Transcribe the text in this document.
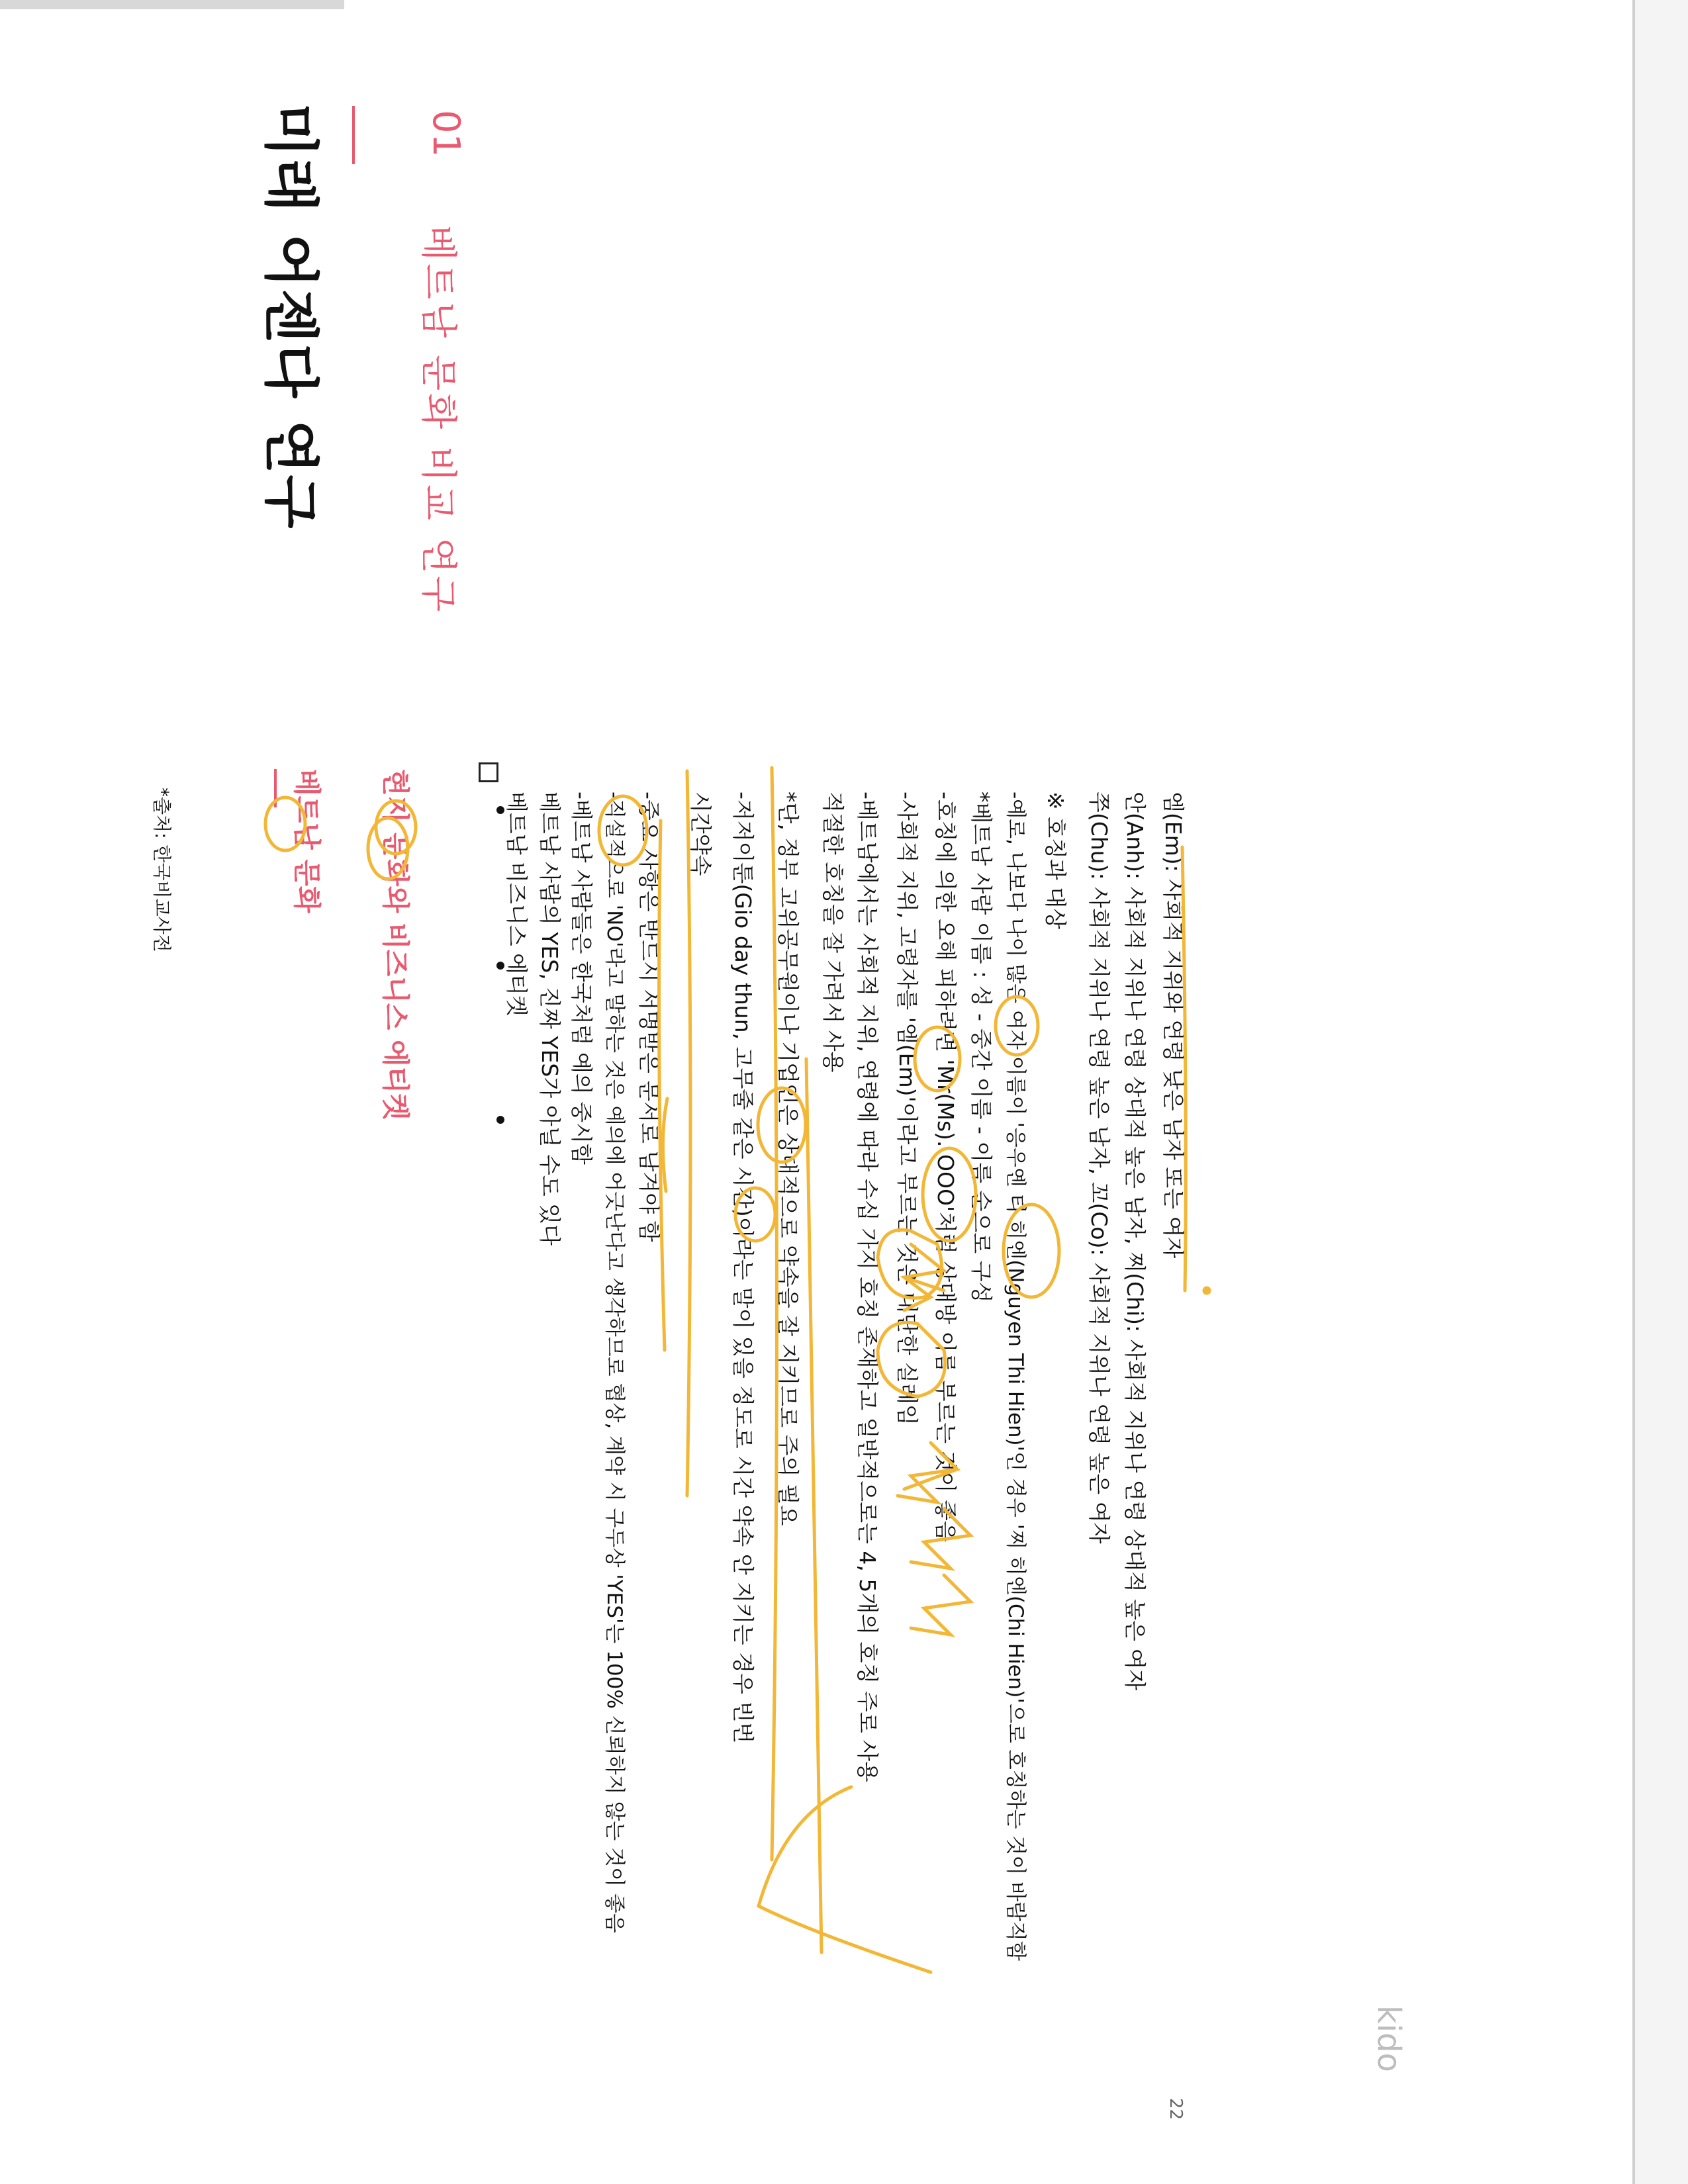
미래 어젠다 연구	01
베트남 문화 비교 연구
베트남 문화 현지 문화와 비즈니스 에티켓	베트남 비즈니스 에티켓 베트남 사람의 YES, 진짜 YES가 아닐 수도 있다 -베트남 사람들은 한국처럼 예의 중시함 -직설적으로 'NO'라고 말하는 것은 예의에 어긋난다고 생각하므로 협상, 계약 시 구두상 'YES'는 100% 신뢰하지 않는 것이 좋음 -중요 사항은 반드시 서명받은 문서로 남겨야 함 시간약속 -저저이툰(Gio day thun, 고무줄 같은 시간)이라는 말이 있을 정도로 시간 약속 안 지키는 경우 빈번 *단, 정부 고위공무원이나 기업인은 상대적으로 약속을 잘 지키므로 주의 필요 적절한 호칭을 잘 가려서 사용 -베트남에서는 사회적 지위, 연령에 따라 수십 가지 호칭 존재하고 일반적으로는 4, 5개의 호칭 주로 사용 -사회적 지위, 고령자를 '엠(Em)'이라고 부르는 것은 대단한 실례임 -호칭에 의한 오해 피하려면 'Mr(Ms). OOO'처럼 상대방 이름 부르는 것이 좋음 *베트남 사람 이름 : 성 - 중간 이름 - 이름 순으로 구성 -예로, 나보다 나이 많은 여자 이름이 '응우옌 티 히엔(Nguyen Thi Hien)'인 경우 '찌 히엔(Chi Hien)'으로 호칭하는 것이 바람직함 ※ 호칭과 대상 쭈(Chu): 사회적 지위나 연령 높은 남자, 꼬(Co): 사회적 지위나 연령 높은 여자 안(Anh): 사회적 지위나 연령 상대적 높은 남자, 찌(Chi): 사회적 지위나 연령 상대적 높은 여자 엠(Em): 사회적 지위와 연령 낮은 남자 또는 여자
*출처: 한국비교사전
kido
22
